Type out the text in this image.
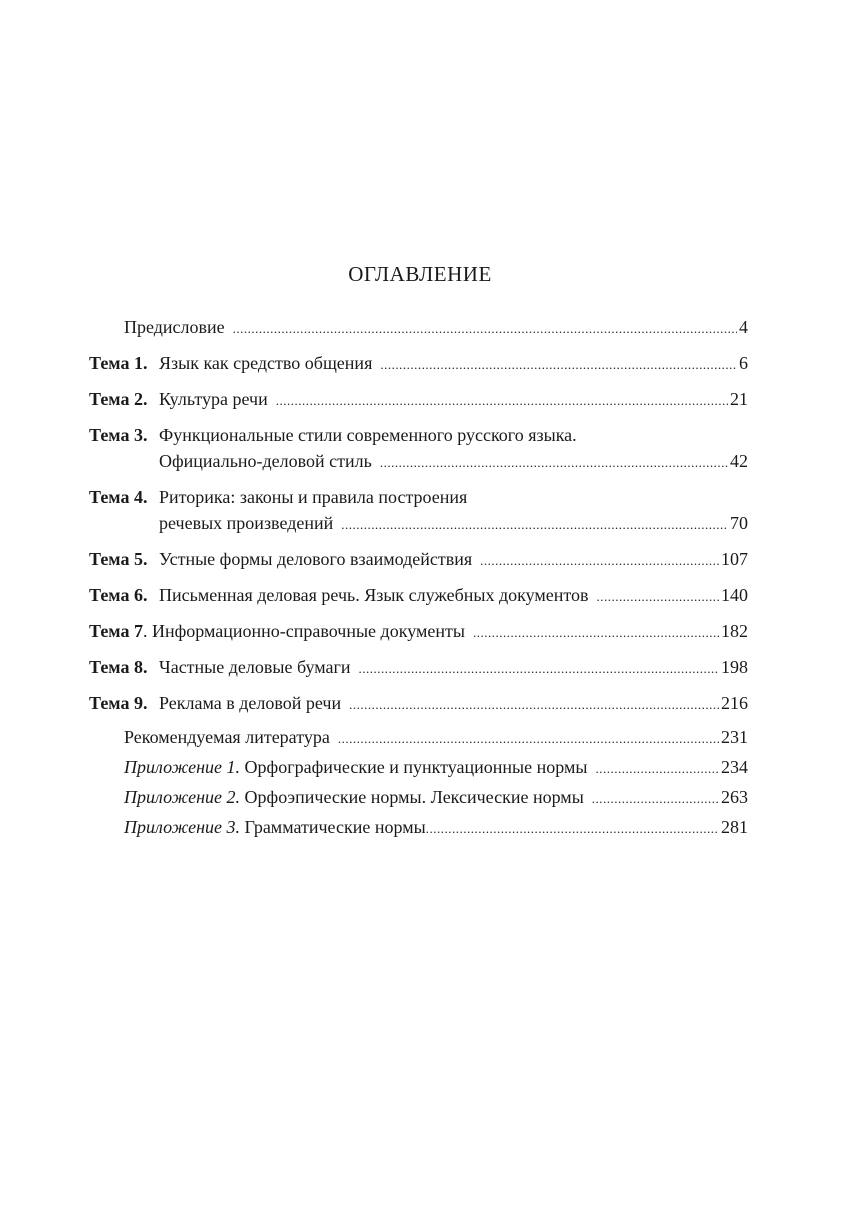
ОГЛАВЛЕНИЕ
Предисловие .....	4
Тема 1. Язык как средство общения .....	6
Тема 2. Культура речи .....	21
Тема 3. Функциональные стили современного русского языка.
Официально-деловой стиль .....	42
Тема 4. Риторика: законы и правила построения
речевых произведений .....	70
Тема 5. Устные формы делового взаимодействия .....	107
Тема 6. Письменная деловая речь. Язык служебных документов .....	140
Тема 7 . Информационно-справочные документы .....	182
Тема 8. Частные деловые бумаги .....	198
Тема 9. Реклама в деловой речи .....	216
Рекомендуемая литература .....	231
Приложение 1. Орфографические и пунктуационные нормы .....	234
Приложение 2. Орфоэпические нормы. Лексические нормы .....	263
Приложение 3. Грамматические нормы .....	281
